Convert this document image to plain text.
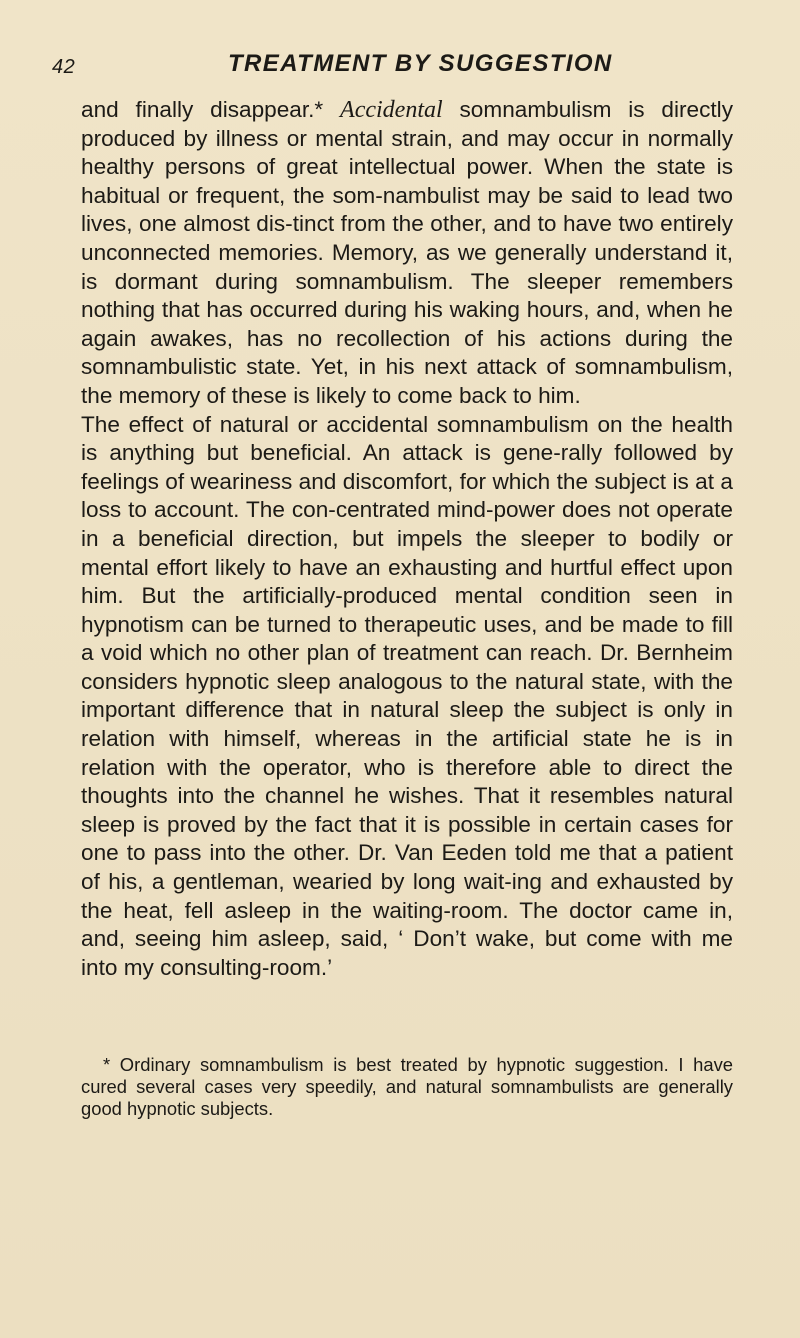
42	TREATMENT BY SUGGESTION

and finally disappear.* Accidental somnambulism is directly produced by illness or mental strain, and may occur in normally healthy persons of great intellectual power. When the state is habitual or frequent, the som-nambulist may be said to lead two lives, one almost dis-tinct from the other, and to have two entirely unconnected memories. Memory, as we generally understand it, is dormant during somnambulism. The sleeper remembers nothing that has occurred during his waking hours, and, when he again awakes, has no recollection of his actions during the somnambulistic state. Yet, in his next attack of somnambulism, the memory of these is likely to come back to him.

The effect of natural or accidental somnambulism on the health is anything but beneficial. An attack is gene-rally followed by feelings of weariness and discomfort, for which the subject is at a loss to account. The con-centrated mind-power does not operate in a beneficial direction, but impels the sleeper to bodily or mental effort likely to have an exhausting and hurtful effect upon him. But the artificially-produced mental condition seen in hypnotism can be turned to therapeutic uses, and be made to fill a void which no other plan of treatment can reach. Dr. Bernheim considers hypnotic sleep analogous to the natural state, with the important difference that in natural sleep the subject is only in relation with himself, whereas in the artificial state he is in relation with the operator, who is therefore able to direct the thoughts into the channel he wishes. That it resembles natural sleep is proved by the fact that it is possible in certain cases for one to pass into the other. Dr. Van Eeden told me that a patient of his, a gentleman, wearied by long wait-ing and exhausted by the heat, fell asleep in the waiting-room. The doctor came in, and, seeing him asleep, said, ‘ Don’t wake, but come with me into my consulting-room.’

* Ordinary somnambulism is best treated by hypnotic suggestion. I have cured several cases very speedily, and natural somnambulists are generally good hypnotic subjects.
